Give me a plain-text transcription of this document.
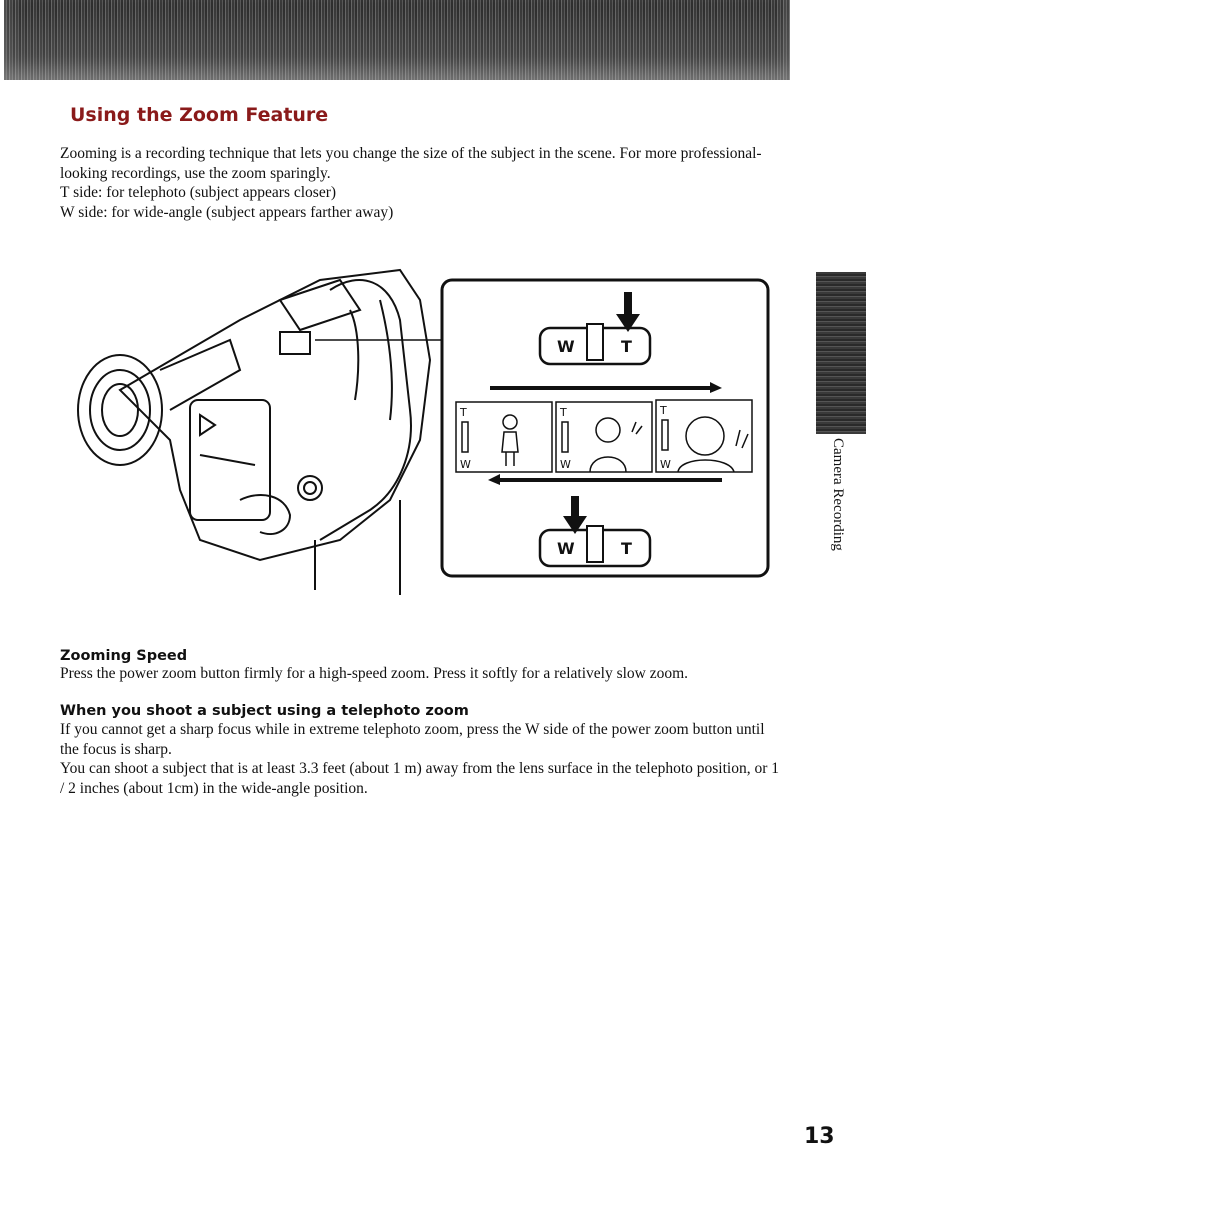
Using the Zoom Feature
Zooming is a recording technique that lets you change the size of the subject in the scene. For more professional-looking recordings, use the zoom sparingly.
T side: for telephoto (subject appears closer)
W side: for wide-angle (subject appears farther away)
W	T
T
W
T
W
T
W
W	T	Camera Recording
Zooming Speed
Press the power zoom button firmly for a high-speed zoom. Press it softly for a relatively slow zoom.
When you shoot a subject using a telephoto zoom
If you cannot get a sharp focus while in extreme telephoto zoom, press the W side of the power zoom button until the focus is sharp.
You can shoot a subject that is at least 3.3 feet (about 1 m) away from the lens surface in the telephoto position, or 1 / 2 inches (about 1cm) in the wide-angle position.
13
